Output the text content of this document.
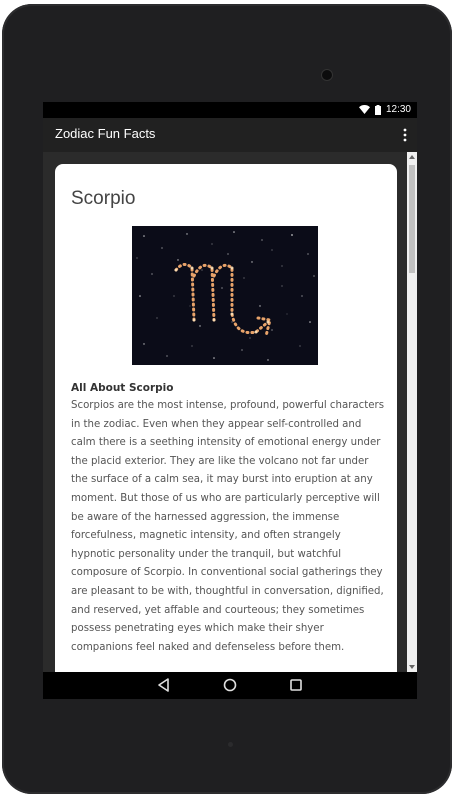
12:30
Zodiac Fun Facts
Scorpio
All About Scorpio

Scorpios are the most intense, profound, powerful characters in the zodiac. Even when they appear self-controlled and calm there is a seething intensity of emotional energy under the placid exterior. They are like the volcano not far under the surface of a calm sea, it may burst into eruption at any moment. But those of us who are particularly perceptive will be aware of the harnessed aggression, the immense forcefulness, magnetic intensity, and often strangely hypnotic personality under the tranquil, but watchful composure of Scorpio. In conventional social gatherings they are pleasant to be with, thoughtful in conversation, dignified, and reserved, yet affable and courteous; they sometimes possess penetrating eyes which make their shyer companions feel naked and defenseless before them.
